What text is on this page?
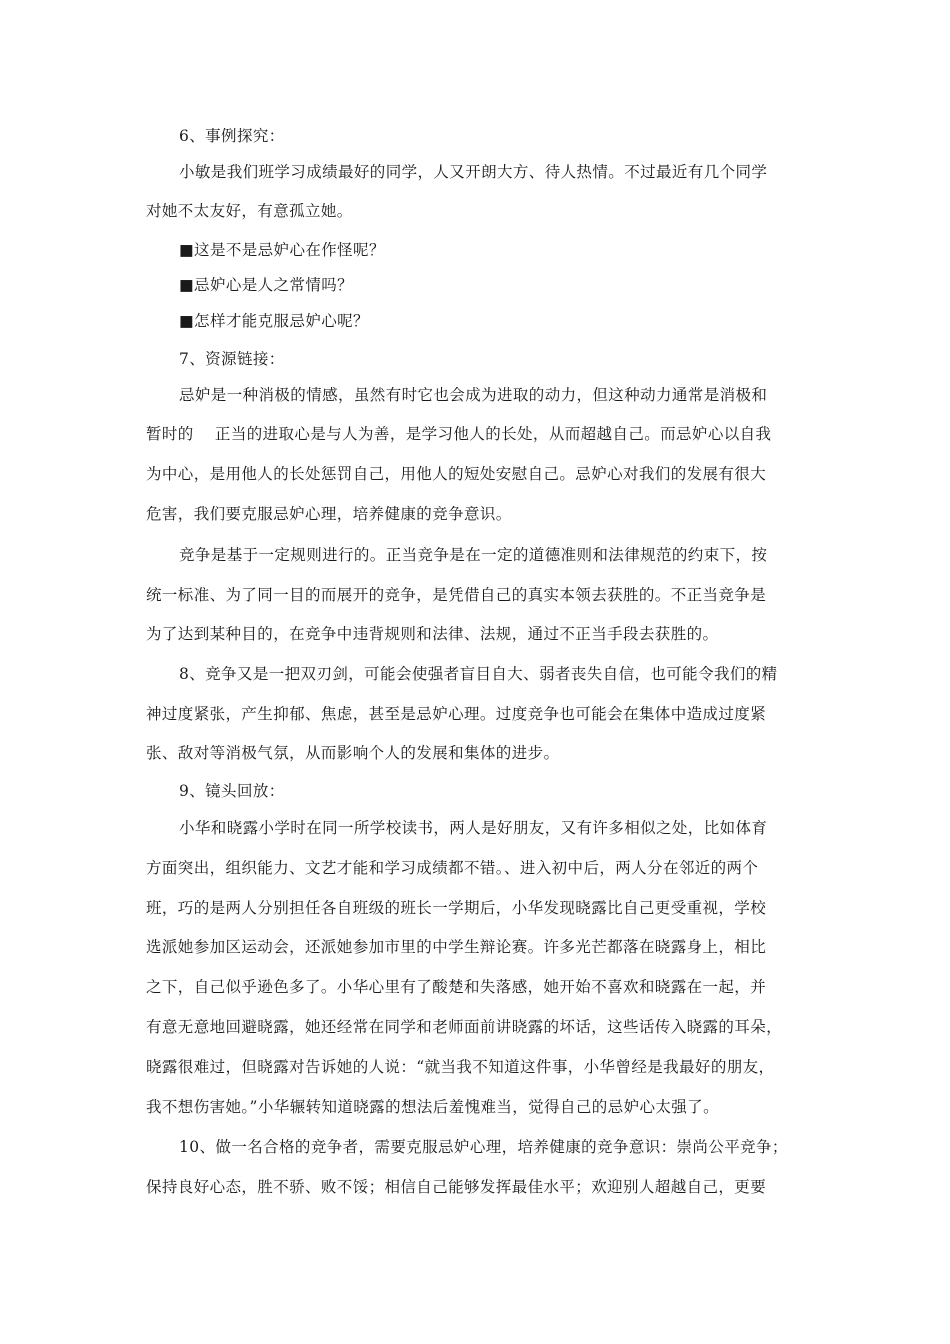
6、事例探究：
小敏是我们班学习成绩最好的同学，人又开朗大方、待人热情。不过最近有几个同学
对她不太友好，有意孤立她。
■这是不是忌妒心在作怪呢？
■忌妒心是人之常情吗？
■怎样才能克服忌妒心呢？
7、资源链接：
忌妒是一种消极的情感，虽然有时它也会成为进取的动力，但这种动力通常是消极和
暂时的　 正当的进取心是与人为善，是学习他人的长处，从而超越自己。而忌妒心以自我
为中心，是用他人的长处惩罚自己，用他人的短处安慰自己。忌妒心对我们的发展有很大
危害，我们要克服忌妒心理，培养健康的竞争意识。
竞争是基于一定规则进行的。正当竞争是在一定的道德准则和法律规范的约束下，按
统一标准、为了同一目的而展开的竞争，是凭借自己的真实本领去获胜的。不正当竞争是
为了达到某种目的，在竞争中违背规则和法律、法规，通过不正当手段去获胜的。
8、竞争又是一把双刃剑，可能会使强者盲目自大、弱者丧失自信，也可能令我们的精
神过度紧张，产生抑郁、焦虑，甚至是忌妒心理。过度竞争也可能会在集体中造成过度紧
张、敌对等消极气氛，从而影响个人的发展和集体的进步。
9、镜头回放：
小华和晓露小学时在同一所学校读书，两人是好朋友，又有许多相似之处，比如体育
方面突出，组织能力、文艺才能和学习成绩都不错。、进入初中后，两人分在邻近的两个
班，巧的是两人分别担任各自班级的班长一学期后，小华发现晓露比自己更受重视，学校
选派她参加区运动会，还派她参加市里的中学生辩论赛。许多光芒都落在晓露身上，相比
之下，自己似乎逊色多了。小华心里有了酸楚和失落感，她开始不喜欢和晓露在一起，并
有意无意地回避晓露，她还经常在同学和老师面前讲晓露的坏话，这些话传入晓露的耳朵，
晓露很难过，但晓露对告诉她的人说：“就当我不知道这件事，小华曾经是我最好的朋友，
我不想伤害她。”小华辗转知道晓露的想法后羞愧难当，觉得自己的忌妒心太强了。
10、做一名合格的竞争者，需要克服忌妒心理，培养健康的竞争意识：崇尚公平竞争；
保持良好心态，胜不骄、败不馁；相信自己能够发挥最佳水平；欢迎别人超越自己，更要
